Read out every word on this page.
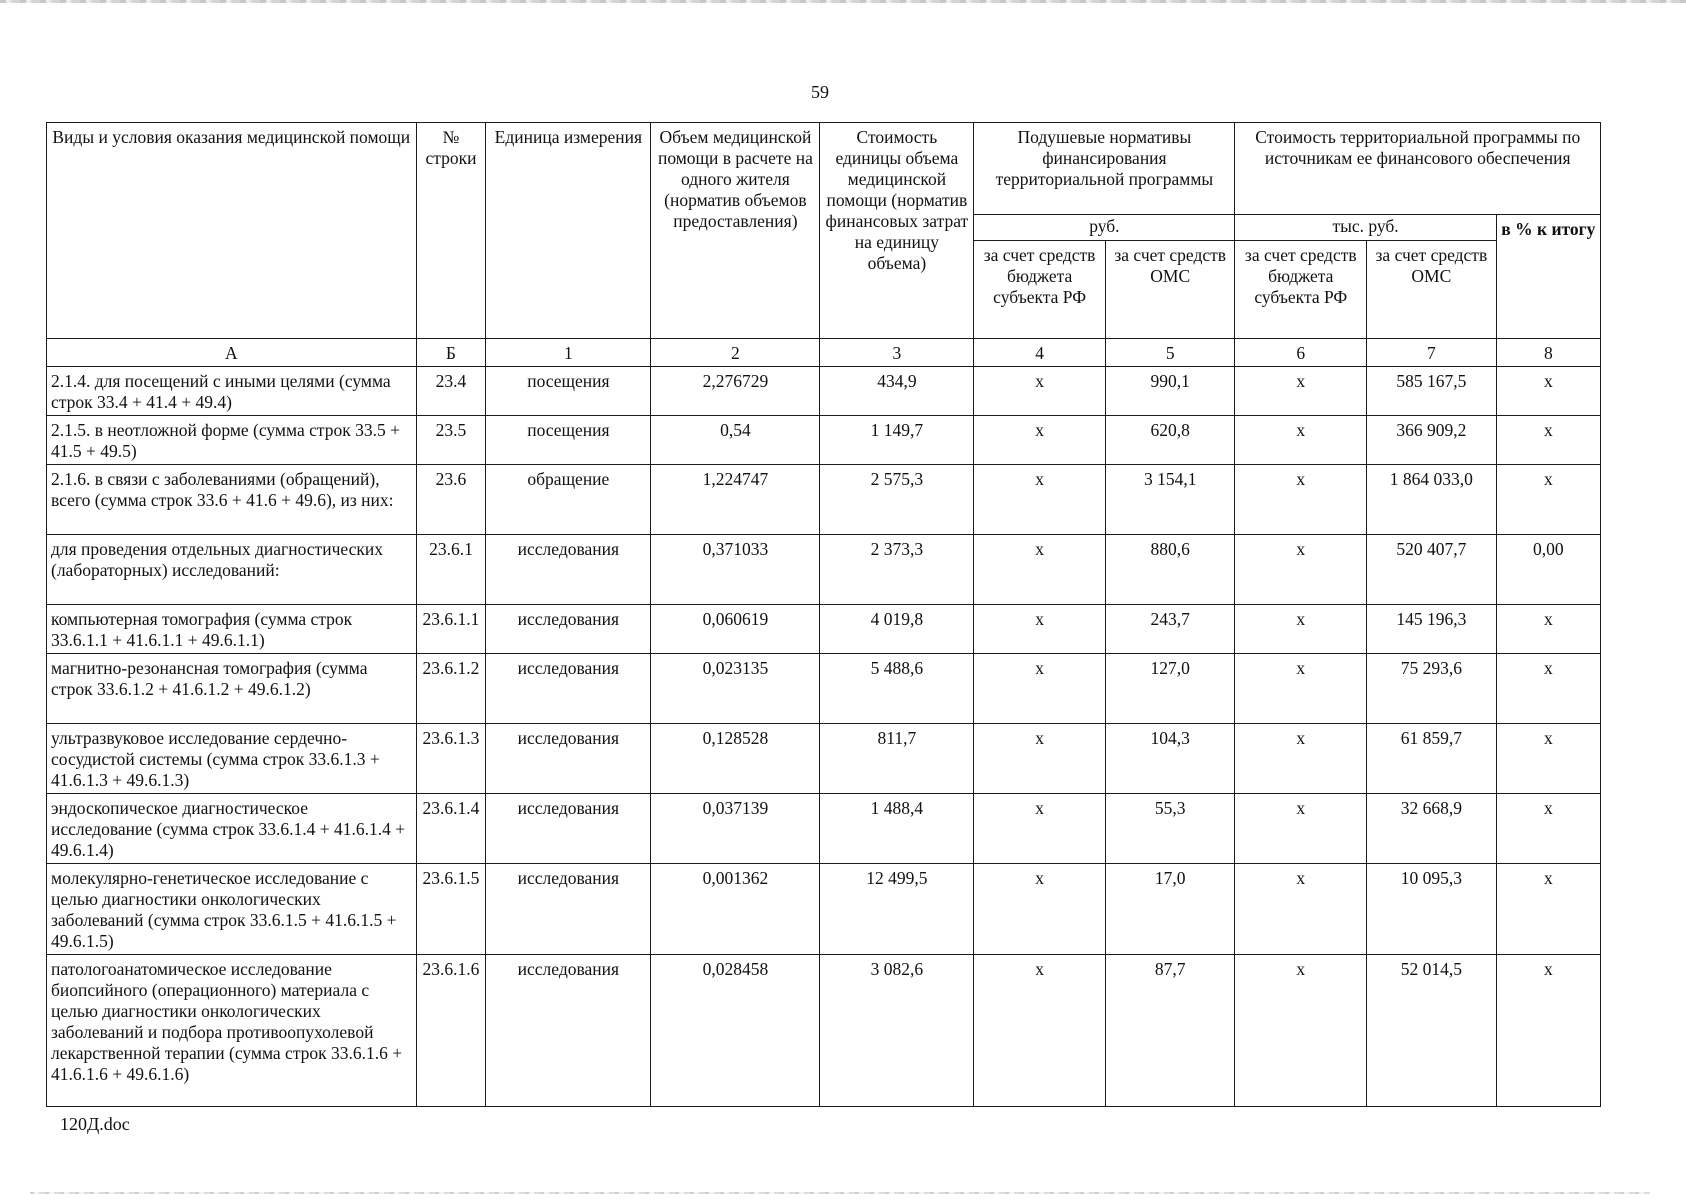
59
Виды и условия оказания медицинской помощи	№ строки	Единица измерения	Объем медицинской помощи в расчете на одного жителя (норматив объемов предоставления)	Стоимость единицы объема медицинской помощи (норматив финансовых затрат на единицу объема)	Подушевые нормативы финансирования территориальной программы		Стоимость территориальной программы по источникам ее финансового обеспечения		
					руб.		тыс. руб.		в % к итогу
					за счет средств бюджета субъекта РФ	за счет средств ОМС	за счет средств бюджета субъекта РФ	за счет средств ОМС	
А	Б	1	2	3	4	5	6	7	8
2.1.4. для посещений с иными целями (сумма строк 33.4 + 41.4 + 49.4)	23.4	посещения	2,276729	434,9	х	990,1	х	585 167,5	х
2.1.5. в неотложной форме (сумма строк 33.5 + 41.5 + 49.5)	23.5	посещения	0,54	1 149,7	х	620,8	х	366 909,2	х
2.1.6. в связи с заболеваниями (обращений), всего (сумма строк 33.6 + 41.6 + 49.6), из них:	23.6	обращение	1,224747	2 575,3	х	3 154,1	х	1 864 033,0	х
для проведения отдельных диагностических (лабораторных) исследований:	23.6.1	исследования	0,371033	2 373,3	х	880,6	х	520 407,7	0,00
компьютерная томография (сумма строк 33.6.1.1 + 41.6.1.1 + 49.6.1.1)	23.6.1.1	исследования	0,060619	4 019,8	х	243,7	х	145 196,3	х
магнитно-резонансная томография (сумма строк 33.6.1.2 + 41.6.1.2 + 49.6.1.2)	23.6.1.2	исследования	0,023135	5 488,6	х	127,0	х	75 293,6	х
ультразвуковое исследование сердечно-сосудистой системы (сумма строк 33.6.1.3 + 41.6.1.3 + 49.6.1.3)	23.6.1.3	исследования	0,128528	811,7	х	104,3	х	61 859,7	х
эндоскопическое диагностическое исследование (сумма строк 33.6.1.4 + 41.6.1.4 + 49.6.1.4)	23.6.1.4	исследования	0,037139	1 488,4	х	55,3	х	32 668,9	х
молекулярно-генетическое исследование с целью диагностики онкологических заболеваний (сумма строк 33.6.1.5 + 41.6.1.5 + 49.6.1.5)	23.6.1.5	исследования	0,001362	12 499,5	х	17,0	х	10 095,3	х
патологоанатомическое исследование биопсийного (операционного) материала с целью диагностики онкологических заболеваний и подбора противоопухолевой лекарственной терапии (сумма строк 33.6.1.6 + 41.6.1.6 + 49.6.1.6)	23.6.1.6	исследования	0,028458	3 082,6	х	87,7	х	52 014,5	х
120Д.doc
